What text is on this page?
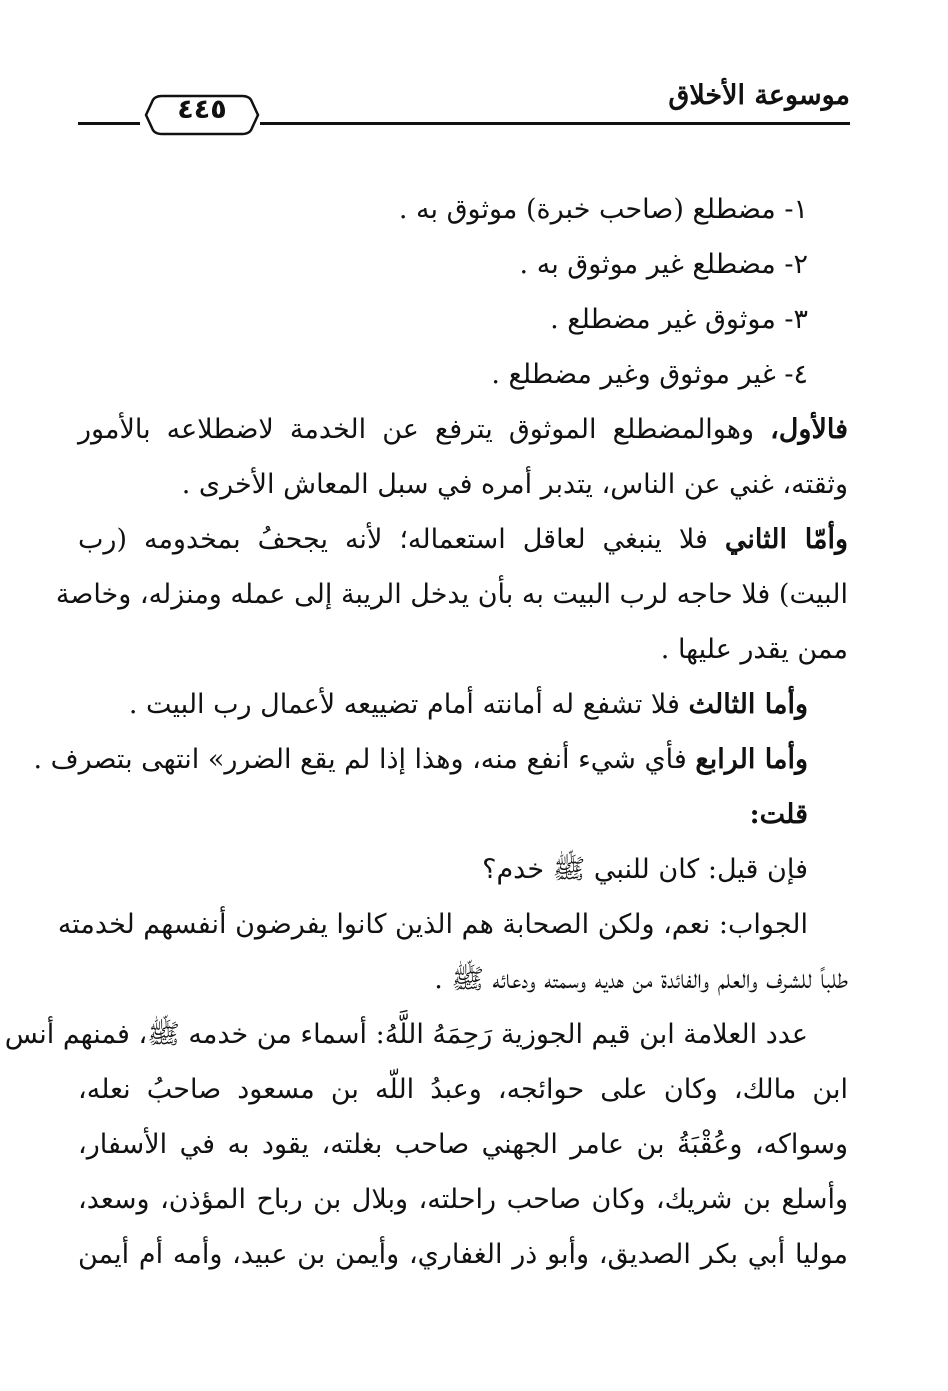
موسوعة الأخلاق
٤٤٥
١- مضطلع (صاحب خبرة) موثوق به .
٢- مضطلع غير موثوق به .
٣- موثوق غير مضطلع .
٤- غير موثوق وغير مضطلع .
فالأول، وهوالمضطلع الموثوق يترفع عن الخدمة لاضطلاعه بالأمور
وثقته، غني عن الناس، يتدبر أمره في سبل المعاش الأخرى .
وأمّا الثاني فلا ينبغي لعاقل استعماله؛ لأنه يجحفُ بمخدومه (رب
البيت) فلا حاجه لرب البيت به بأن يدخل الريبة إلى عمله ومنزله، وخاصة
ممن يقدر عليها .
وأما الثالث فلا تشفع له أمانته أمام تضييعه لأعمال رب البيت .
وأما الرابع فأي شيء أنفع منه، وهذا إذا لم يقع الضرر» انتهى بتصرف .
قلت:
فإن قيل: كان للنبي ﷺ خدم؟
الجواب: نعم، ولكن الصحابة هم الذين كانوا يفرضون أنفسهم لخدمته
طلباً للشرف والعلم والفائدة من هديه وسمته ودعائه ﷺ .
عدد العلامة ابن قيم الجوزية رَحِمَهُ اللَّهُ: أسماء من خدمه ﷺ، فمنهم أنس
ابن مالك، وكان على حوائجه، وعبدُ اللّه بن مسعود صاحبُ نعله،
وسواكه، وعُقْبَةُ بن عامر الجهني صاحب بغلته، يقود به في الأسفار،
وأسلع بن شريك، وكان صاحب راحلته، وبلال بن رباح المؤذن، وسعد،
موليا أبي بكر الصديق، وأبو ذر الغفاري، وأيمن بن عبيد، وأمه أم أيمن
